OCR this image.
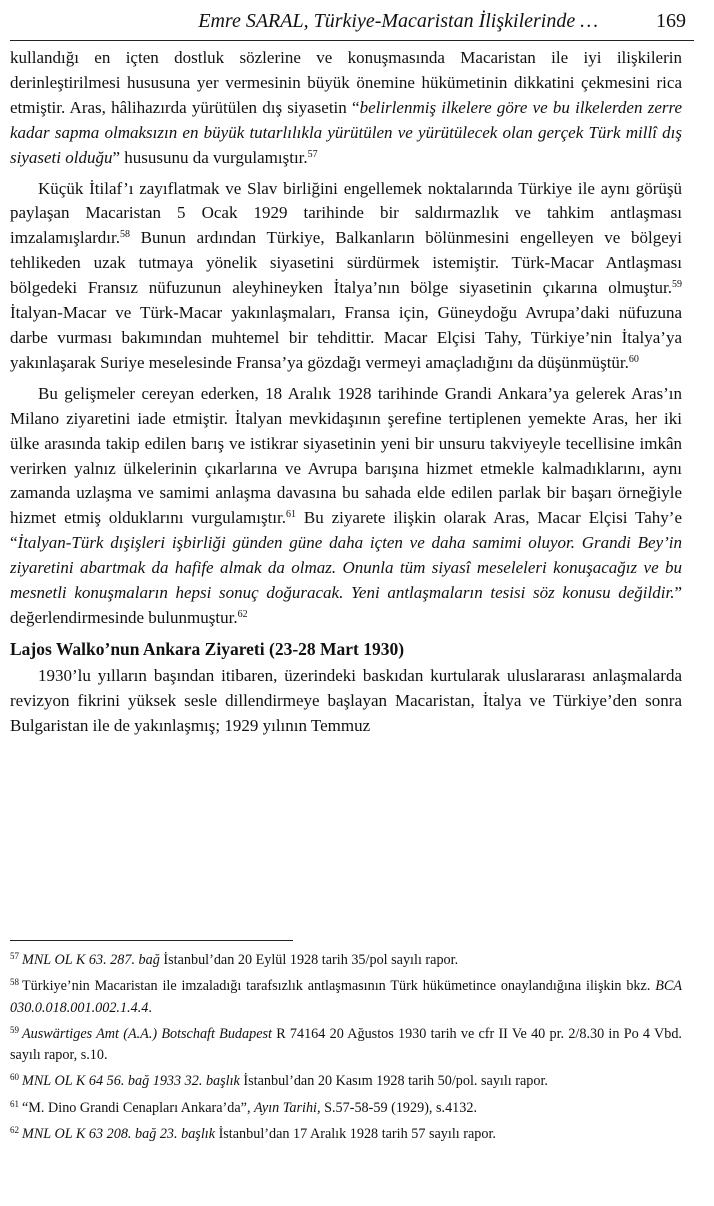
Emre SARAL, Türkiye-Macaristan İlişkilerinde …	169

kullandığı en içten dostluk sözlerine ve konuşmasında Macaristan ile iyi ilişkilerin derinleştirilmesi hususuna yer vermesinin büyük önemine hükümetinin dikkatini çekmesini rica etmiştir. Aras, hâlihazırda yürütülen dış siyasetin “belirlenmiş ilkelere göre ve bu ilkelerden zerre kadar sapma olmaksızın en büyük tutarlılıkla yürütülen ve yürütülecek olan gerçek Türk millî dış siyaseti olduğu” hususunu da vurgulamıştır.$^{57}$

Küçük İtilaf’ı zayıflatmak ve Slav birliğini engellemek noktalarında Türkiye ile aynı görüşü paylaşan Macaristan 5 Ocak 1929 tarihinde bir saldırmazlık ve tahkim antlaşması imzalamışlardır.$^{58}$ Bunun ardından Türkiye, Balkanların bölünmesini engelleyen ve bölgeyi tehlikeden uzak tutmaya yönelik siyasetini sürdürmek istemiştir. Türk-Macar Antlaşması bölgedeki Fransız nüfuzunun aleyhineyken İtalya’nın bölge siyasetinin çıkarına olmuştur.$^{59}$ İtalyan-Macar ve Türk-Macar yakınlaşmaları, Fransa için, Güneydoğu Avrupa’daki nüfuzuna darbe vurması bakımından muhtemel bir tehdittir. Macar Elçisi Tahy, Türkiye’nin İtalya’ya yakınlaşarak Suriye meselesinde Fransa’ya gözdağı vermeyi amaçladığını da düşünmüştür.$^{60}$

Bu gelişmeler cereyan ederken, 18 Aralık 1928 tarihinde Grandi Ankara’ya gelerek Aras’ın Milano ziyaretini iade etmiştir. İtalyan mevkidaşının şerefine tertiplenen yemekte Aras, her iki ülke arasında takip edilen barış ve istikrar siyasetinin yeni bir unsuru takviyeyle tecellisine imkân verirken yalnız ülkelerinin çıkarlarına ve Avrupa barışına hizmet etmekle kalmadıklarını, aynı zamanda uzlaşma ve samimi anlaşma davasına bu sahada elde edilen parlak bir başarı örneğiyle hizmet etmiş olduklarını vurgulamıştır.$^{61}$ Bu ziyarete ilişkin olarak Aras, Macar Elçisi Tahy’e “İtalyan-Türk dışişleri işbirliği günden güne daha içten ve daha samimi oluyor. Grandi Bey’in ziyaretini abartmak da hafife almak da olmaz. Onunla tüm siyasî meseleleri konuşacağız ve bu mesnetli konuşmaların hepsi sonuç doğuracak. Yeni antlaşmaların tesisi söz konusu değildir.” değerlendirmesinde bulunmuştur.$^{62}$

Lajos Walko’nun Ankara Ziyareti (23-28 Mart 1930)

1930’lu yılların başından itibaren, üzerindeki baskıdan kurtularak uluslararası anlaşmalarda revizyon fikrini yüksek sesle dillendirmeye başlayan Macaristan, İtalya ve Türkiye’den sonra Bulgaristan ile de yakınlaşmış; 1929 yılının Temmuz

$^{57}$ MNL OL K 63. 287. bağ İstanbul’dan 20 Eylül 1928 tarih 35/pol sayılı rapor.

$^{58}$ Türkiye’nin Macaristan ile imzaladığı tarafsızlık antlaşmasının Türk hükümetince onaylandığına ilişkin bkz. BCA 030.0.018.001.002.1.4.4.

$^{59}$ Auswärtiges Amt (A.A.) Botschaft Budapest R 74164 20 Ağustos 1930 tarih ve cfr II Ve 40 pr. 2/8.30 in Po 4 Vbd. sayılı rapor, s.10.

$^{60}$ MNL OL K 64 56. bağ 1933 32. başlık İstanbul’dan 20 Kasım 1928 tarih 50/pol. sayılı rapor.

$^{61}$ “M. Dino Grandi Cenapları Ankara’da”, Ayın Tarihi, S.57-58-59 (1929), s.4132.

$^{62}$ MNL OL K 63 208. bağ 23. başlık İstanbul’dan 17 Aralık 1928 tarih 57 sayılı rapor.
